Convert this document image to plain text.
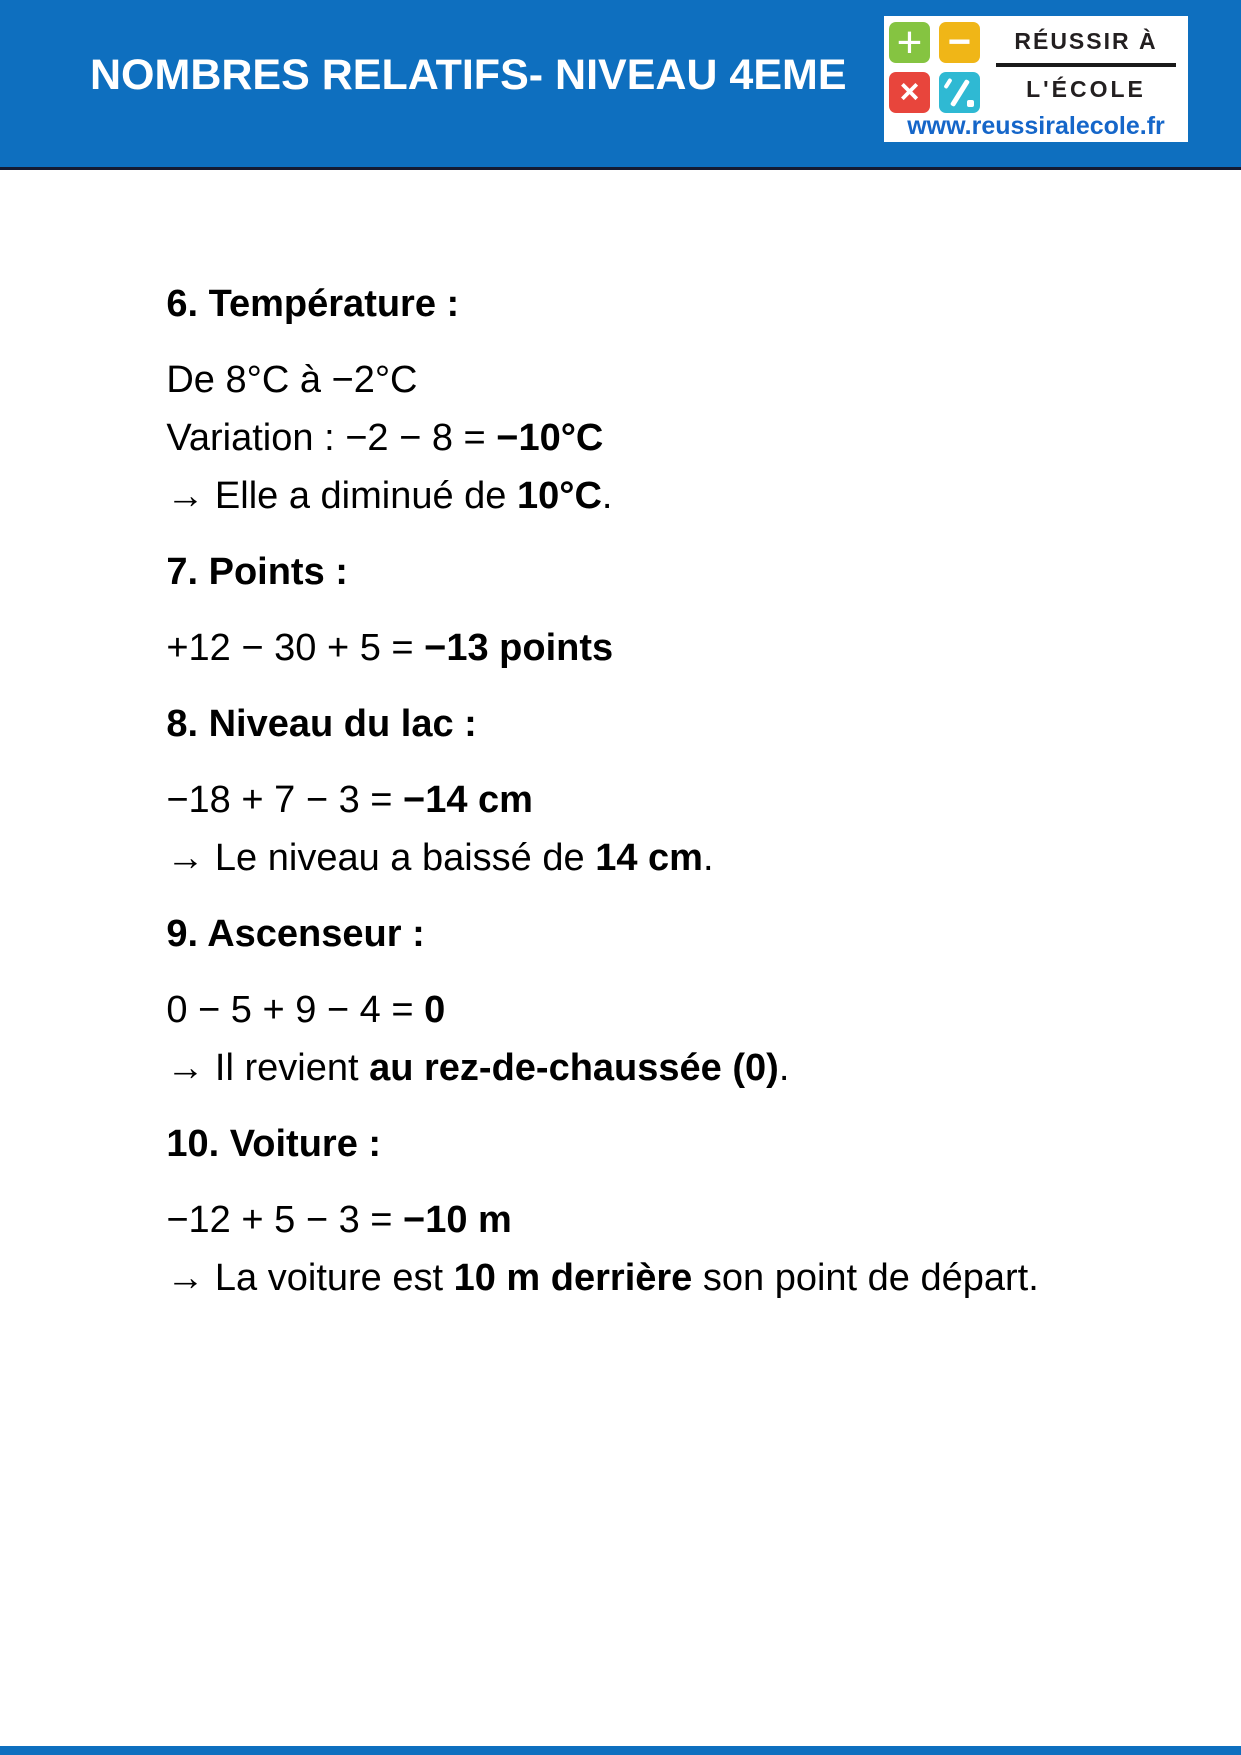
NOMBRES RELATIFS- NIVEAU 4EME
+ −
×
RÉUSSIR À
L'ÉCOLE
www.reussiralecole.fr

6. Température :

De 8°C à −2°C

Variation : −2 − 8 = −10°C

→ Elle a diminué de 10°C.

7. Points :

+12 − 30 + 5 = −13 points

8. Niveau du lac :

−18 + 7 − 3 = −14 cm

→ Le niveau a baissé de 14 cm.

9. Ascenseur :

0 − 5 + 9 − 4 = 0

→ Il revient au rez-de-chaussée (0).

10. Voiture :

−12 + 5 − 3 = −10 m

→ La voiture est 10 m derrière son point de départ.
